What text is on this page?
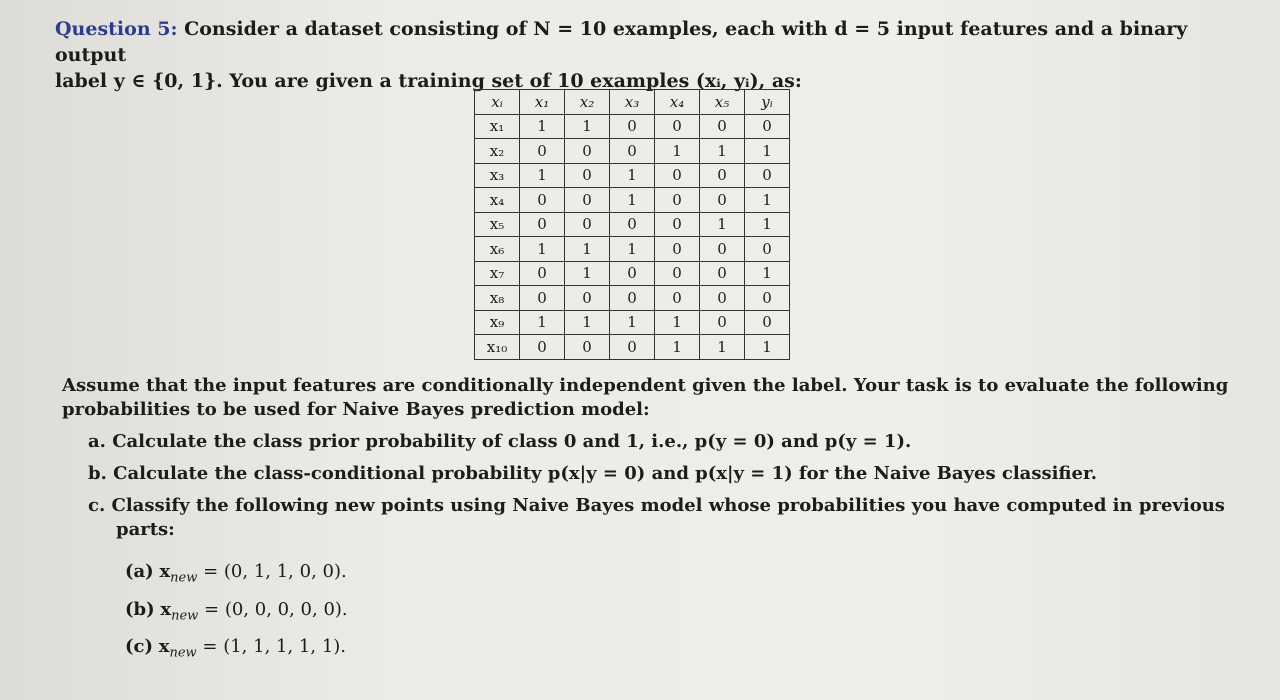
Question 5: Consider a dataset consisting of N = 10 examples, each with d = 5 input features and a binary output
label y ∈ {0, 1}. You are given a training set of 10 examples (xᵢ, yᵢ), as:
xᵢ	x₁	x₂	x₃	x₄	x₅	yᵢ
x₁	1	1	0	0	0	0
x₂	0	0	0	1	1	1
x₃	1	0	1	0	0	0
x₄	0	0	1	0	0	1
x₅	0	0	0	0	1	1
x₆	1	1	1	0	0	0
x₇	0	1	0	0	0	1
x₈	0	0	0	0	0	0
x₉	1	1	1	1	0	0
x₁₀	0	0	0	1	1	1
Assume that the input features are conditionally independent given the label. Your task is to evaluate the following
probabilities to be used for Naive Bayes prediction model:
a. Calculate the class prior probability of class 0 and 1, i.e., p(y = 0) and p(y = 1).
b. Calculate the class-conditional probability p(x|y = 0) and p(x|y = 1) for the Naive Bayes classifier.
c. Classify the following new points using Naive Bayes model whose probabilities you have computed in previous
parts:
(a) $x_{new} = (0$, 1, 1, 0, 0).
(b) $x_{new} = (0$, 0, 0, 0, 0).
(c) $x_{new} = (1$, 1, 1, 1, 1).
